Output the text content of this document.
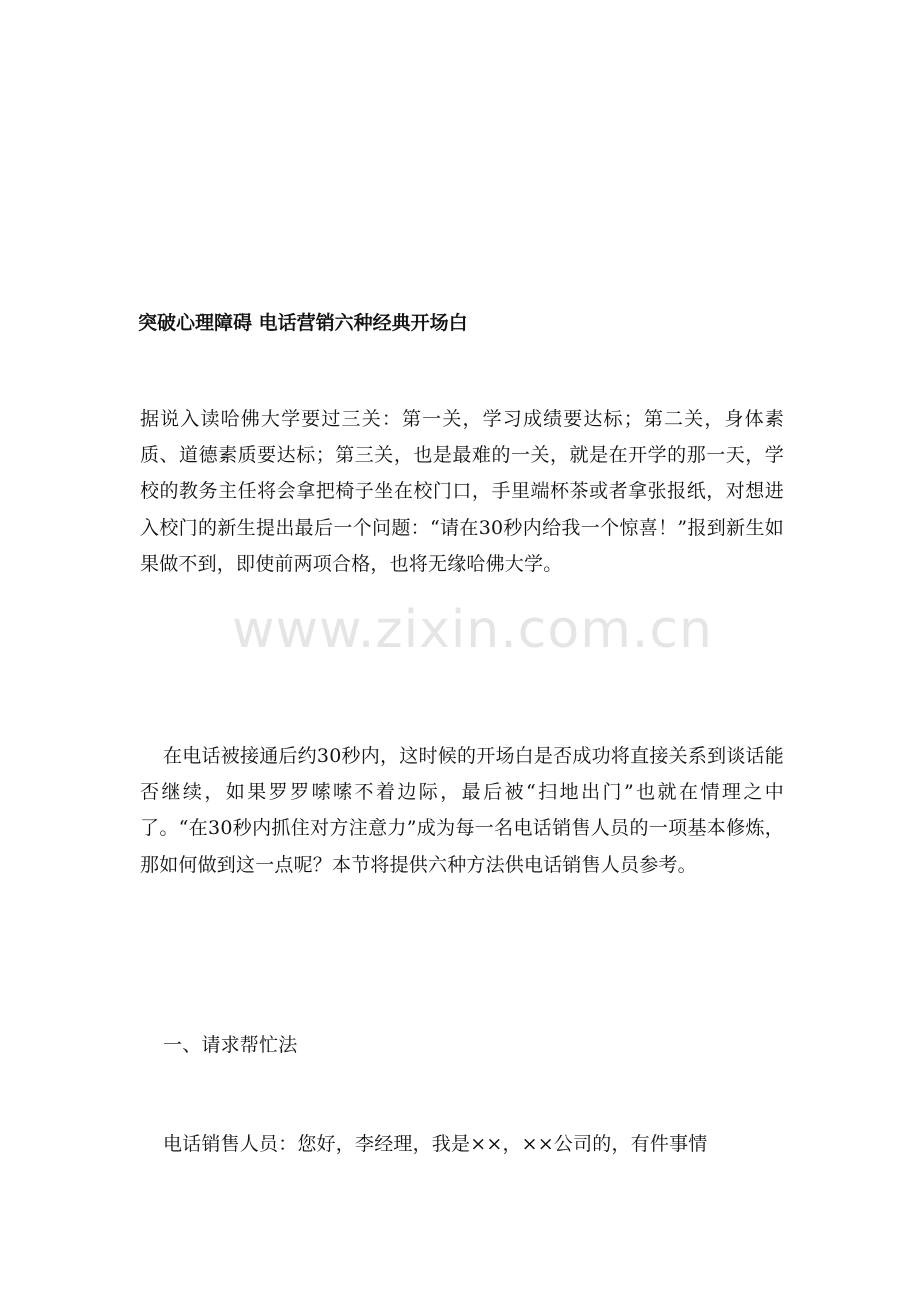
突破心理障碍 电话营销六种经典开场白
据说入读哈佛大学要过三关：第一关，学习成绩要达标；第二关，身体素质、道德素质要达标；第三关，也是最难的一关，就是在开学的那一天，学校的教务主任将会拿把椅子坐在校门口，手里端杯茶或者拿张报纸，对想进入校门的新生提出最后一个问题：“请在30秒内给我一个惊喜！”报到新生如果做不到，即使前两项合格，也将无缘哈佛大学。
在电话被接通后约30秒内，这时候的开场白是否成功将直接关系到谈话能否继续，如果罗罗嗦嗦不着边际，最后被“扫地出门”也就在情理之中了。“在30秒内抓住对方注意力”成为每一名电话销售人员的一项基本修炼，那如何做到这一点呢？本节将提供六种方法供电话销售人员参考。
一、请求帮忙法
电话销售人员：您好，李经理，我是××，××公司的，有件事情
www.zixin.com.cn
